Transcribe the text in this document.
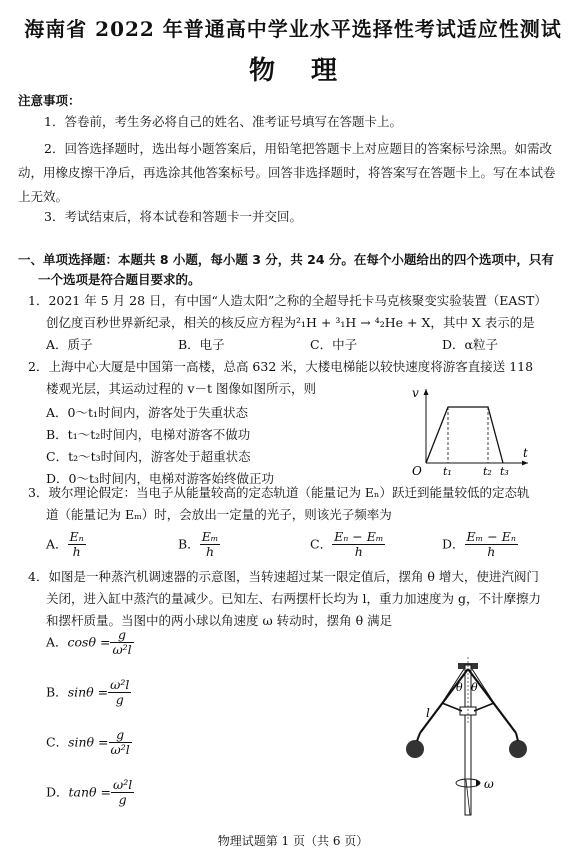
海南省 2022 年普通高中学业水平选择性考试适应性测试
物理
注意事项：
1．答卷前，考生务必将自己的姓名、准考证号填写在答题卡上。
2．回答选择题时，选出每小题答案后，用铅笔把答题卡上对应题目的答案标号涂黑。如需改动，用橡皮擦干净后，再选涂其他答案标号。回答非选择题时，将答案写在答题卡上。写在本试卷上无效。
3．考试结束后，将本试卷和答题卡一并交回。
一、单项选择题：本题共 8 小题，每小题 3 分，共 24 分。在每个小题给出的四个选项中，只有一个选项是符合题目要求的。
1．2021 年 5 月 28 日，有中国“人造太阳”之称的全超导托卡马克核聚变实验装置（EAST）
创亿度百秒世界新纪录，相关的核反应方程为²₁H + ³₁H → ⁴₂He + X，其中 X 表示的是
A．质子	B．电子	C．中子	D．α粒子
2．上海中心大厦是中国第一高楼，总高 632 米，大楼电梯能以较快速度将游客直接送 118
楼观光层，其运动过程的 v－t 图像如图所示，则
A．0～t₁时间内，游客处于失重状态
B．t₁～t₂时间内，电梯对游客不做功
C．t₂～t₃时间内，游客处于超重状态
D．0～t₃时间内，电梯对游客始终做正功
v
t
O t₁	t₂ t₃
3．玻尔理论假定：当电子从能量较高的定态轨道（能量记为 Eₙ）跃迁到能量较低的定态轨
道（能量记为 Eₘ）时，会放出一定量的光子，则该光子频率为
A． $\frac{\text{Eₙ}}{h}$	B． $\frac{\text{Eₘ}}{h}$	C． $\frac{\text{Eₙ − Eₘ}}{h}$	D． $\frac{\text{Eₘ − Eₙ}}{h}$
4．如图是一种蒸汽机调速器的示意图，当转速超过某一限定值后，摆角 θ 增大，使进汽阀门
关闭，进入缸中蒸汽的量减少。已知左、右两摆杆长均为 l，重力加速度为 g，不计摩擦力
和摆杆质量。当图中的两小球以角速度 ω 转动时，摆角 θ 满足
A．$\cos\theta = \frac{g}{\text{ω²l}}$
B．$\sin\theta = \frac{\text{ω²l}}{g}$
C．$\sin\theta = \frac{g}{\text{ω²l}}$
D．$\tan\theta = \frac{\text{ω²l}}{g}$
θ θ
l
ω
物理试题第 1 页（共 6 页）
